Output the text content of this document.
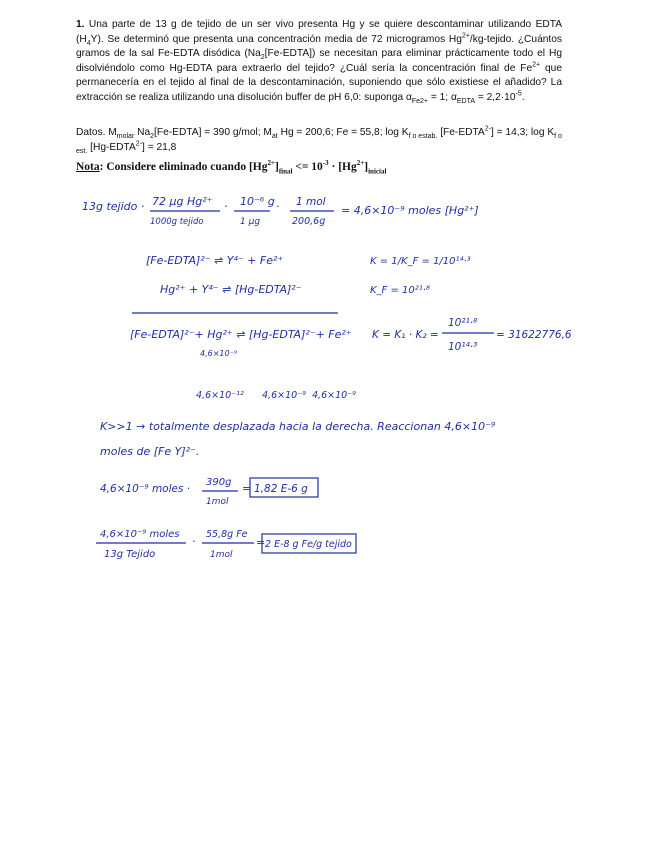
1. Una parte de 13 g de tejido de un ser vivo presenta Hg y se quiere descontaminar utilizando EDTA $(H_4Y)$. Se determinó que presenta una concentración media de 72 microgramos $Hg^{2+}/kg$-tejido. ¿Cuántos gramos de la sal Fe-EDTA disódica $(Na_2[Fe-EDTA])$ se necesitan para eliminar prácticamente todo el Hg disolviéndolo como Hg-EDTA para extraerlo del tejido? ¿Cuál sería la concentración final de $Fe^{2+}$ que permanecería en el tejido al final de la descontaminación, suponiendo que sólo existiese el añadido? La extracción se realiza utilizando una disolución buffer de pH 6,0: suponga $\alpha_{Fe2+} = 1$; $\alpha_{EDTA} = 2,2\cdot 10^{-5}$.
Datos. $M_{molar}$ $Na_2[Fe-EDTA] = 390$ g/mol; $M_{at}$ Hg = 200,6; Fe = 55,8; $\log K_{f o estab.}$ $[Fe-EDTA^{2-}] = 14,3$; $\log K_{f o est.}$ $[Hg-EDTA^{2-}] = 21,8$
Nota: Considere eliminado cuando $[Hg^{2+}]_{final} <= 10^{-3} \cdot [Hg^{2+}]_{inicial}$
13g tejido · 72 µg Hg²⁺
1000g tejido
· 10⁻⁶ g
1 µg
· 1 mol
200,6g
= 4,6×10⁻⁹ moles [Hg²⁺]
[Fe-EDTA]²⁻ ⇌ Y⁴⁻ + Fe²⁺	K = 1/K_F = 1/10¹⁴·³
Hg²⁺ + Y⁴⁻ ⇌ [Hg-EDTA]²⁻	K_F = 10²¹·⁸
[Fe-EDTA]²⁻+ Hg²⁺ ⇌ [Hg-EDTA]²⁻+ Fe²⁺
4,6×10⁻⁹
K = K₁ · K₂ =
10²¹·⁸
10¹⁴·³
= 31622776,6
4,6×10⁻¹² 4,6×10⁻⁹ 4,6×10⁻⁹
K>>1 → totalmente desplazada hacia la derecha. Reaccionan 4,6×10⁻⁹
moles de [Fe Y]²⁻.
4,6×10⁻⁹ moles ·
390g
1mol
= 1,82 E-6 g
4,6×10⁻⁹ moles
13g Tejido
·
55,8g Fe
1mol
= 2 E-8 g Fe/g tejido
